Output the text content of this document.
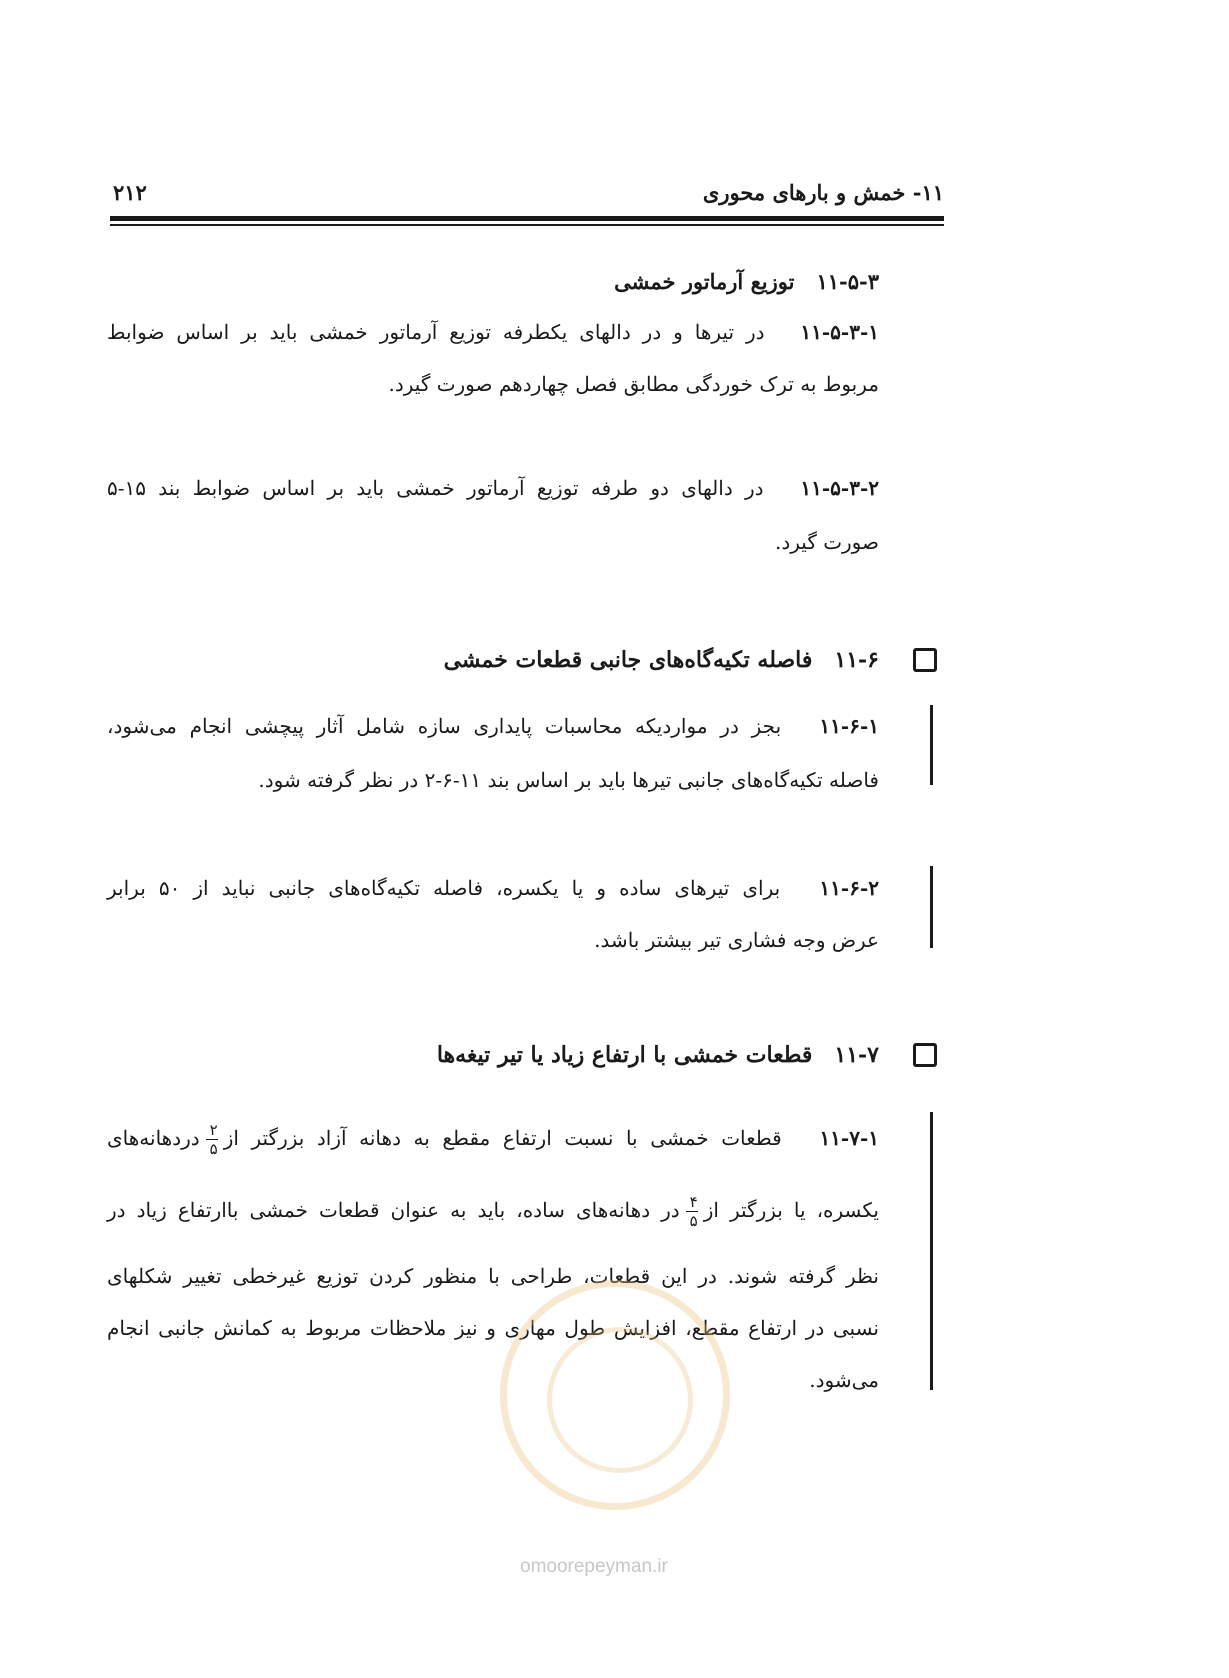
۱۱- خمش و بارهای محوری
۲۱۲
۱۱-۵-۳توزیع آرماتور خمشی
۱۱-۵-۳-۱   در تیرها و در دالهای یکطرفه توزیع آرماتور خمشی باید بر اساس ضوابط
مربوط به ترک خوردگی مطابق فصل چهاردهم صورت گیرد.
۱۱-۵-۳-۲   در دالهای دو طرفه توزیع آرماتور خمشی باید بر اساس ضوابط بند ۱۵-۵
صورت گیرد.
۱۱-۶فاصله تکیه‌گاه‌های جانبی قطعات خمشی
۱۱-۶-۱   بجز در مواردیکه محاسبات پایداری سازه شامل آثار پیچشی انجام می‌شود،
فاصله تکیه‌گاه‌های جانبی تیرها باید بر اساس بند ۱۱-۶-۲ در نظر گرفته شود.
۱۱-۶-۲   برای تیرهای ساده و یا یکسره، فاصله تکیه‌گاه‌های جانبی نباید از ۵۰ برابر
عرض وجه فشاری تیر بیشتر باشد.
۱۱-۷قطعات خمشی با ارتفاع زیاد یا تیر تیغه‌ها
۱۱-۷-۱   قطعات خمشی با نسبت ارتفاع مقطع به دهانه آزاد بزرگتر از
$\frac{۲}{۵}$
دردهانه‌های
یکسره، یا بزرگتر از
$\frac{۴}{۵}$
در دهانه‌های ساده، باید به عنوان قطعات خمشی باارتفاع زیاد در
نظر گرفته شوند. در این قطعات، طراحی با منظور کردن توزیع غیرخطی تغییر شکلهای
نسبی در ارتفاع مقطع، افزایش طول مهاری و نیز ملاحظات مربوط به کمانش جانبی انجام
می‌شود.
omoorepeyman.ir
